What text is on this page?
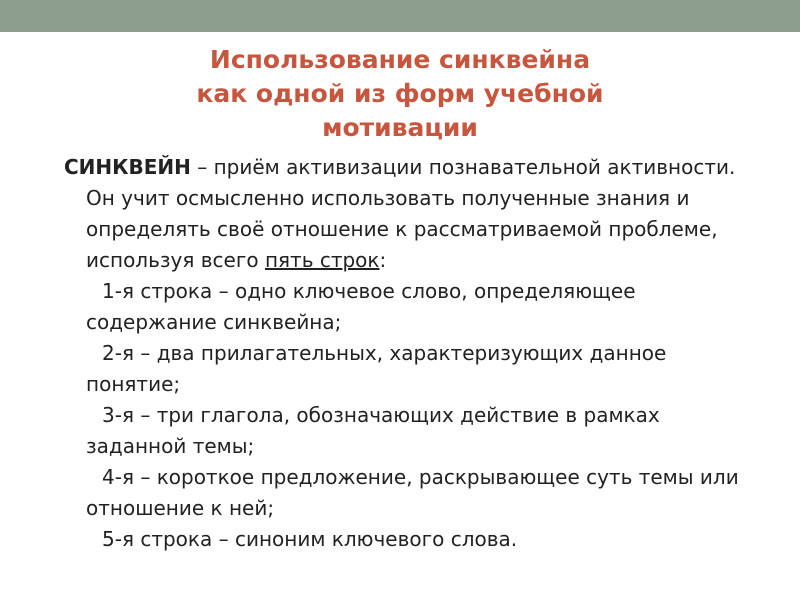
Использование синквейна
как одной из форм учебной
мотивации

СИНКВЕЙН – приём активизации познавательной активности. Он учит осмысленно использовать полученные знания и определять своё отношение к рассматриваемой проблеме, используя всего пять строк:

1-я строка – одно ключевое слово, определяющее содержание синквейна;

2-я – два прилагательных, характеризующих данное понятие;

3-я – три глагола, обозначающих действие в рамках заданной темы;

4-я – короткое предложение, раскрывающее суть темы или отношение к ней;

5-я строка – синоним ключевого слова.
